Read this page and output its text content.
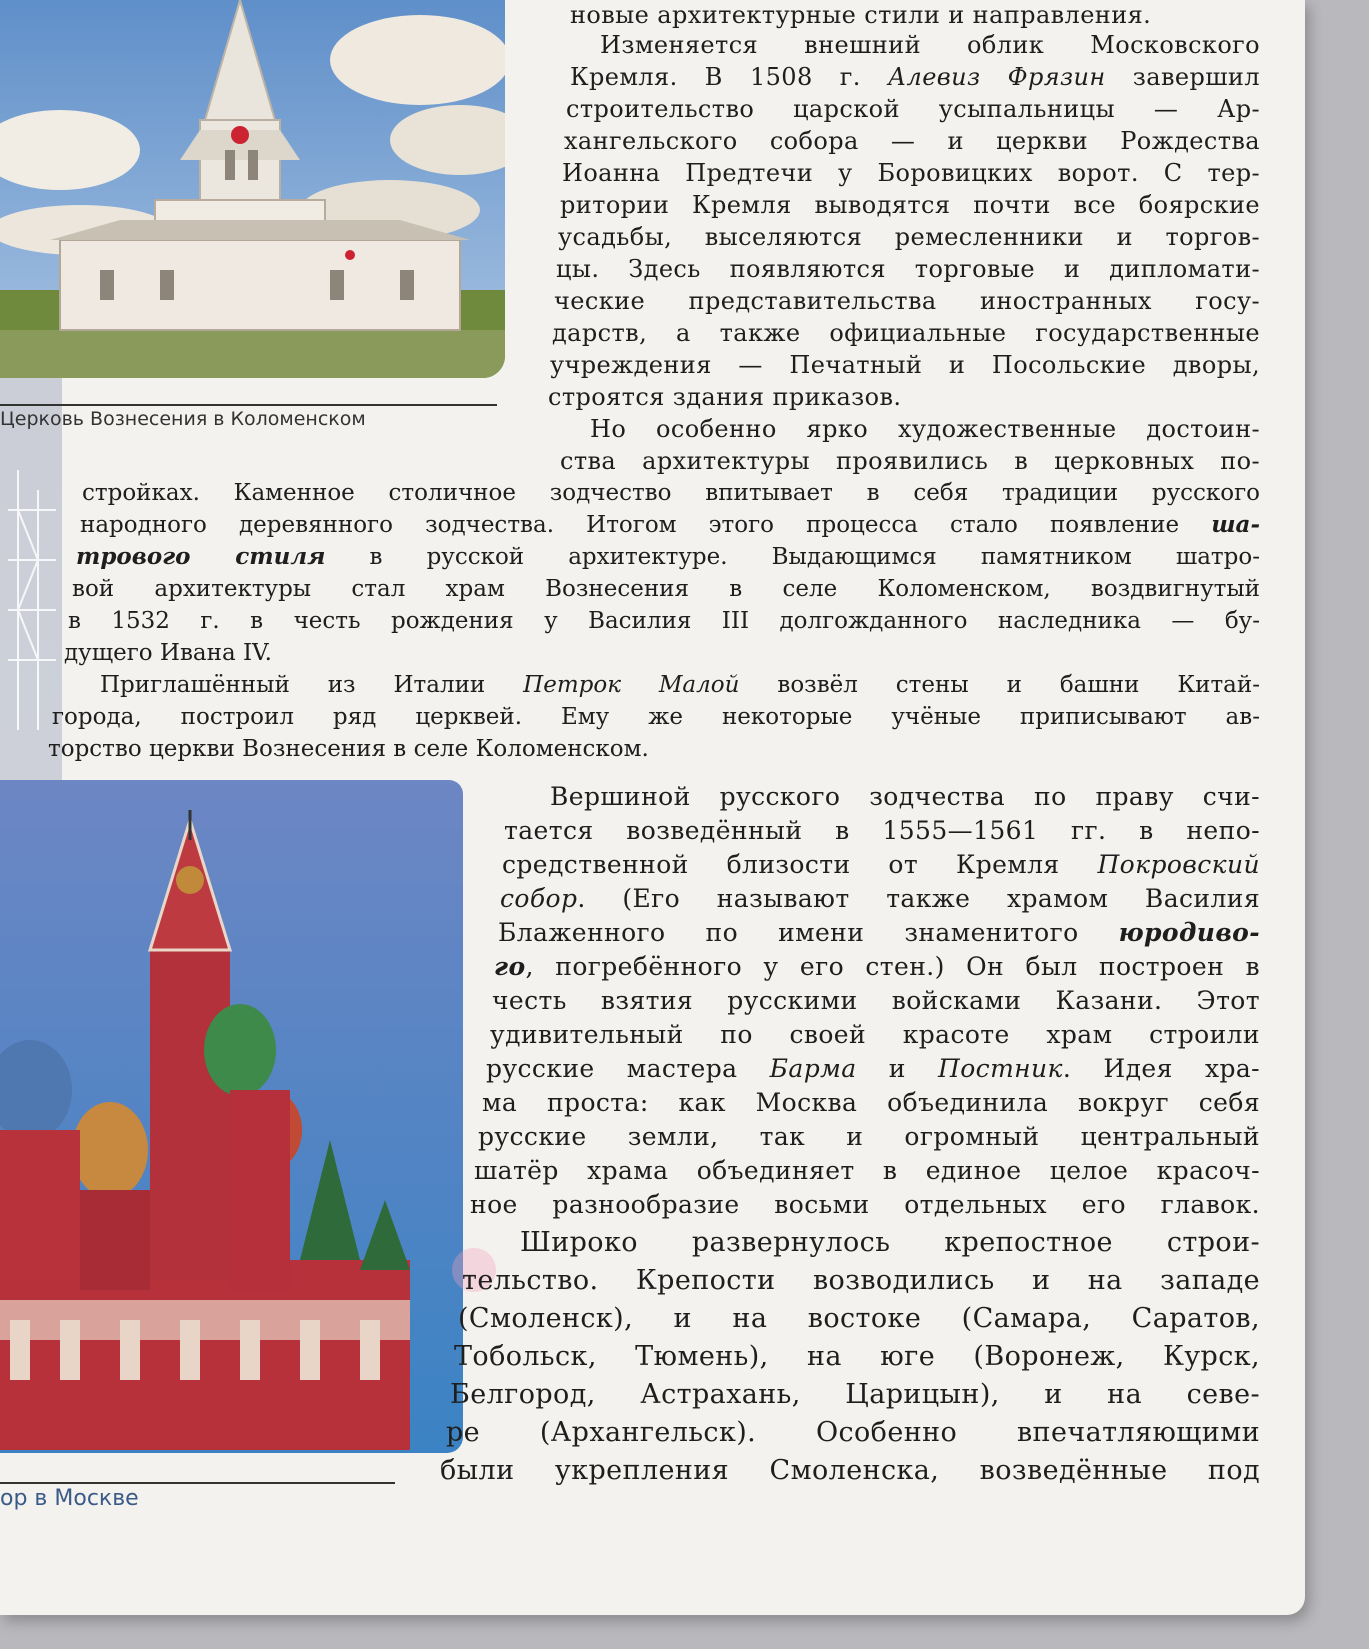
Церковь Вознесения в Коломенском
ор в Москве
новые архитектурные стили и направления.
Изменяется внешний облик Московского
Кремля. В 1508 г. Алевиз Фрязин завершил
строительство царской усыпальницы — Ар-
хангельского собора — и церкви Рождества
Иоанна Предтечи у Боровицких ворот. С тер-
ритории Кремля выводятся почти все боярские
усадьбы, выселяются ремесленники и торгов-
цы. Здесь появляются торговые и дипломати-
ческие представительства иностранных госу-
дарств, а также официальные государственные
учреждения — Печатный и Посольские дворы,
строятся здания приказов.
Но особенно ярко художественные достоин-
ства архитектуры проявились в церковных по-
стройках. Каменное столичное зодчество впитывает в себя традиции русского
народного деревянного зодчества. Итогом этого процесса стало появление ша-
трового стиля в русской архитектуре. Выдающимся памятником шатро-
вой архитектуры стал храм Вознесения в селе Коломенском, воздвигнутый
в 1532 г. в честь рождения у Василия III долгожданного наследника — бу-
дущего Ивана IV.
Приглашённый из Италии Петрок Малой возвёл стены и башни Китай-
города, построил ряд церквей. Ему же некоторые учёные приписывают ав-
торство церкви Вознесения в селе Коломенском.
Вершиной русского зодчества по праву счи-
тается возведённый в 1555—1561 гг. в непо-
средственной близости от Кремля Покровский
собор. (Его называют также храмом Василия
Блаженного по имени знаменитого юродиво-
го, погребённого у его стен.) Он был построен в
честь взятия русскими войсками Казани. Этот
удивительный по своей красоте храм строили
русские мастера Барма и Постник. Идея хра-
ма проста: как Москва объединила вокруг себя
русские земли, так и огромный центральный
шатёр храма объединяет в единое целое красоч-
ное разнообразие восьми отдельных его главок.
Широко развернулось крепостное строи-
тельство. Крепости возводились и на западе
(Смоленск), и на востоке (Самара, Саратов,
Тобольск, Тюмень), на юге (Воронеж, Курск,
Белгород, Астрахань, Царицын), и на севе-
ре (Архангельск). Особенно впечатляющими
были укрепления Смоленска, возведённые под
